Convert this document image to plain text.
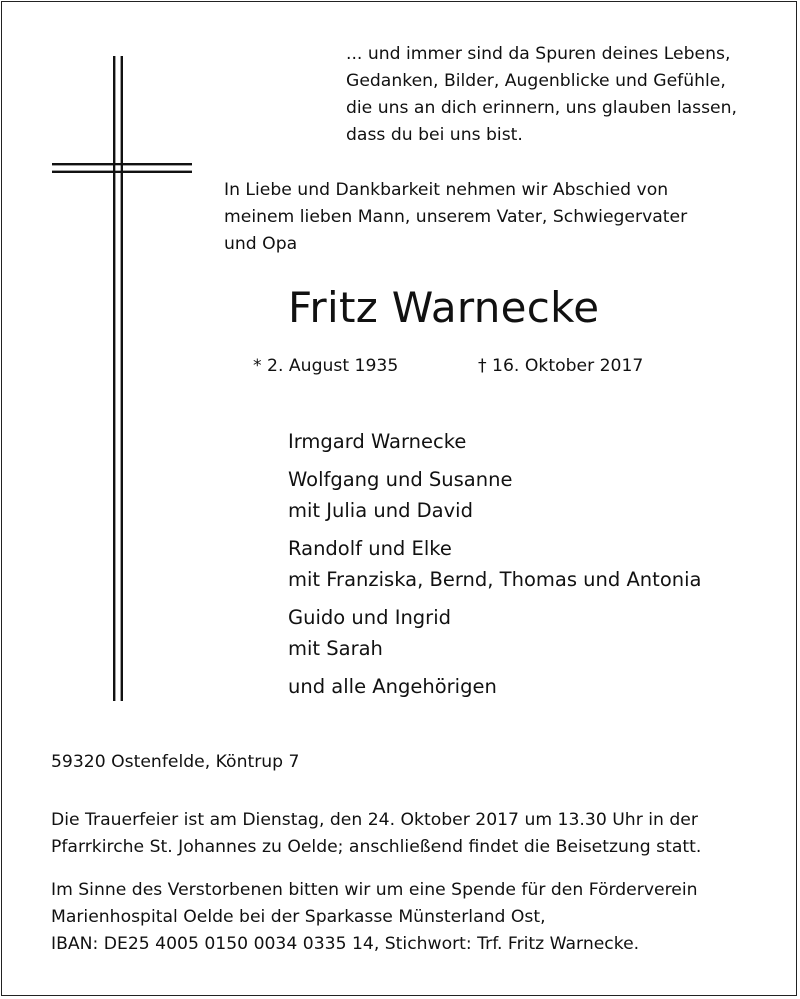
... und immer sind da Spuren deines Lebens,
Gedanken, Bilder, Augenblicke und Gefühle,
die uns an dich erinnern, uns glauben lassen,
dass du bei uns bist.

In Liebe und Dankbarkeit nehmen wir Abschied von
meinem lieben Mann, unserem Vater, Schwiegervater
und Opa

Fritz Warnecke
* 2. August 1935	† 16. Oktober 2017
Irmgard Warnecke
Wolfgang und Susanne
mit Julia und David
Randolf und Elke
mit Franziska, Bernd, Thomas und Antonia
Guido und Ingrid
mit Sarah
und alle Angehörigen

59320 Ostenfelde, Köntrup 7

Die Trauerfeier ist am Dienstag, den 24. Oktober 2017 um 13.30 Uhr in der
Pfarrkirche St. Johannes zu Oelde; anschließend findet die Beisetzung statt.

Im Sinne des Verstorbenen bitten wir um eine Spende für den Förderverein
Marienhospital Oelde bei der Sparkasse Münsterland Ost,
IBAN: DE25 4005 0150 0034 0335 14, Stichwort: Trf. Fritz Warnecke.
